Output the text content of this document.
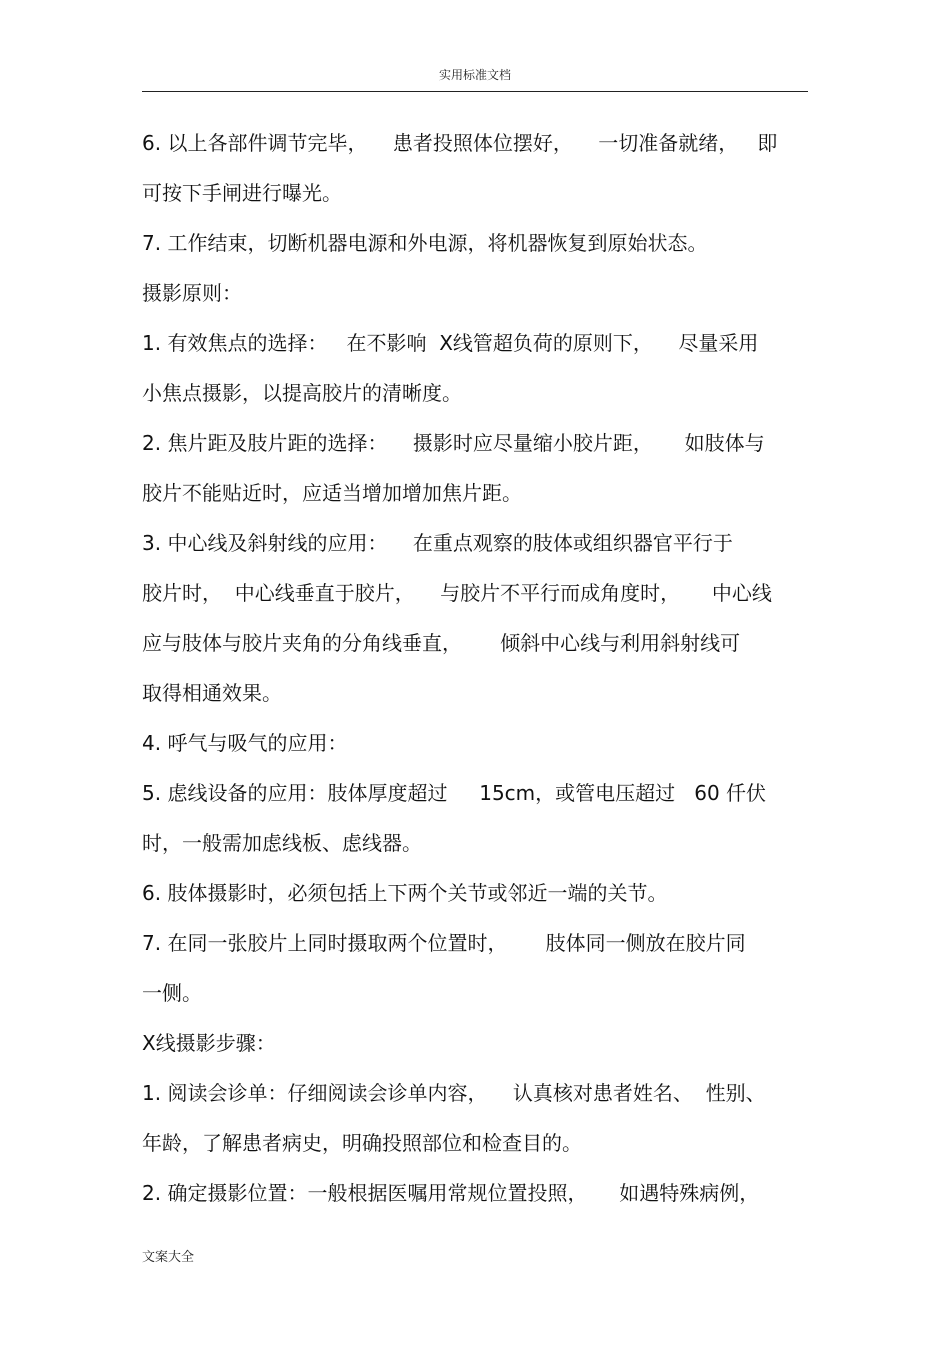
实用标准文档
6. 以上各部件调节完毕，    患者投照体位摆好，    一切准备就绪，   即
可按下手闸进行曝光。
7. 工作结束，切断机器电源和外电源，将机器恢复到原始状态。
摄影原则：
1. 有效焦点的选择：   在不影响  X线管超负荷的原则下，    尽量采用
小焦点摄影，以提高胶片的清晰度。
2. 焦片距及肢片距的选择：    摄影时应尽量缩小胶片距，     如肢体与
胶片不能贴近时，应适当增加增加焦片距。
3. 中心线及斜射线的应用：    在重点观察的肢体或组织器官平行于
胶片时，  中心线垂直于胶片，    与胶片不平行而成角度时，     中心线
应与肢体与胶片夹角的分角线垂直，      倾斜中心线与利用斜射线可
取得相通效果。
4. 呼气与吸气的应用：
5. 虑线设备的应用：肢体厚度超过     15cm，或管电压超过   60 仟伏
时，一般需加虑线板、虑线器。
6. 肢体摄影时，必须包括上下两个关节或邻近一端的关节。
7. 在同一张胶片上同时摄取两个位置时，      肢体同一侧放在胶片同
一侧。
X线摄影步骤：
1. 阅读会诊单：仔细阅读会诊单内容，    认真核对患者姓名、  性别、
年龄，了解患者病史，明确投照部位和检查目的。
2. 确定摄影位置：一般根据医嘱用常规位置投照，     如遇特殊病例，
文案大全
